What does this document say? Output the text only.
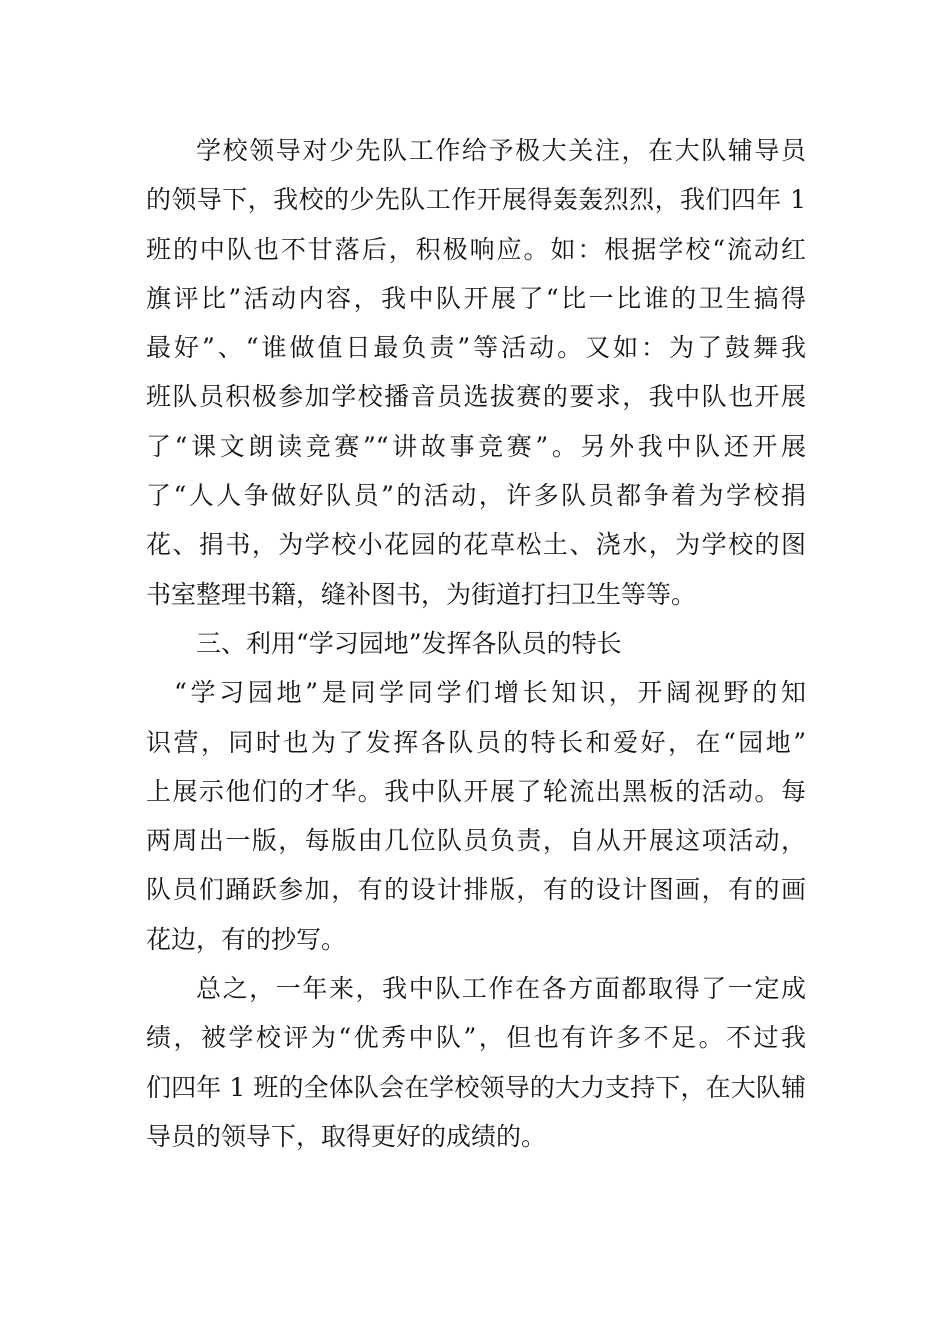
学校领导对少先队工作给予极大关注，在大队辅导员
的领导下，我校的少先队工作开展得轰轰烈烈，我们四年 1
班的中队也不甘落后，积极响应。如：根据学校“流动红
旗评比”活动内容，我中队开展了“比一比谁的卫生搞得
最好”、“谁做值日最负责”等活动。又如：为了鼓舞我
班队员积极参加学校播音员选拔赛的要求，我中队也开展
了“课文朗读竞赛”“讲故事竞赛”。另外我中队还开展
了“人人争做好队员”的活动，许多队员都争着为学校捐
花、捐书，为学校小花园的花草松土、浇水，为学校的图
书室整理书籍，缝补图书，为街道打扫卫生等等。
三、利用“学习园地”发挥各队员的特长
“学习园地”是同学同学们增长知识，开阔视野的知
识营，同时也为了发挥各队员的特长和爱好，在“园地”
上展示他们的才华。我中队开展了轮流出黑板的活动。每
两周出一版，每版由几位队员负责，自从开展这项活动，
队员们踊跃参加，有的设计排版，有的设计图画，有的画
花边，有的抄写。
总之，一年来，我中队工作在各方面都取得了一定成
绩，被学校评为“优秀中队”，但也有许多不足。不过我
们四年 1 班的全体队会在学校领导的大力支持下，在大队辅
导员的领导下，取得更好的成绩的。
